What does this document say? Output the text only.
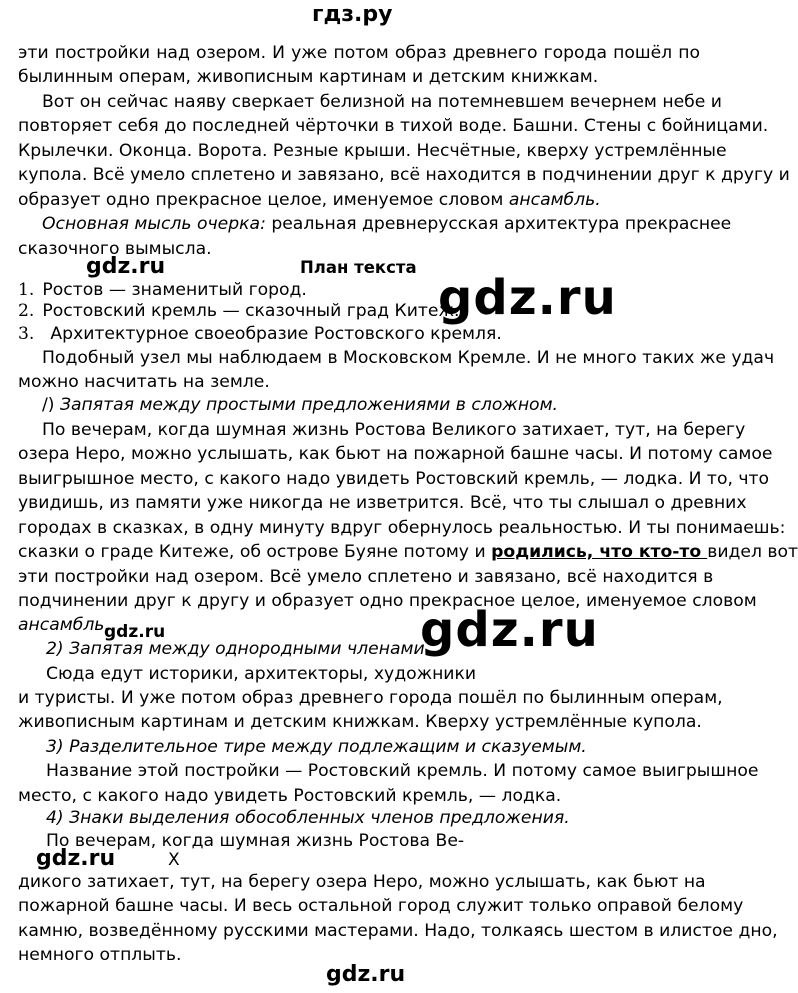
гдз.ру
эти постройки над озером. И уже потом образ древнего города пошёл по
былинным операм, живописным картинам и детским книжкам.
Вот он сейчас наяву сверкает белизной на потемневшем вечернем небе и
повторяет себя до последней чёрточки в тихой воде. Башни. Стены с бойницами.
Крылечки. Оконца. Ворота. Резные крыши. Несчётные, кверху устремлённые
купола. Всё умело сплетено и завязано, всё находится в подчинении друг к другу и
образует одно прекрасное целое, именуемое словом ансамбль.
Основная мысль очерка: реальная древнерусская архитектура прекраснее
сказочного вымысла.
gdz.ru	План текста
gdz.ru
1. Ростов — знаменитый город.
2. Ростовский кремль — сказочный град Китеж.
3. Архитектурное своеобразие Ростовского кремля.
Подобный узел мы наблюдаем в Московском Кремле. И не много таких же удач
можно насчитать на земле.
/) Запятая между простыми предложениями в сложном.
По вечерам, когда шумная жизнь Ростова Великого затихает, тут, на берегу
озера Неро, можно услышать, как бьют на пожарной башне часы. И потому самое
выигрышное место, с какого надо увидеть Ростовский кремль, — лодка. И то, что
увидишь, из памяти уже никогда не изветрится. Всё, что ты слышал о древних
городах в сказках, в одну минуту вдруг обернулось реальностью. И ты понимаешь:
сказки о граде Китеже, об острове Буяне потому и родились, что кто-то видел вот
эти постройки над озером. Всё умело сплетено и завязано, всё находится в
подчинении друг к другу и образует одно прекрасное целое, именуемое словом
ансамбль.
gdz.ru	gdz.ru
2) Запятая между однородными членами.
Сюда едут историки, архитекторы, художники
и туристы. И уже потом образ древнего города пошёл по былинным операм,
живописным картинам и детским книжкам. Кверху устремлённые купола.
3) Разделительное тире между подлежащим и сказуемым.
Название этой постройки — Ростовский кремль. И потому самое выигрышное
место, с какого надо увидеть Ростовский кремль, — лодка.
4) Знаки выделения обособленных членов предложения.
По вечерам, когда шумная жизнь Ростова Ве-
gdz.ru	X
дикого затихает, тут, на берегу озера Неро, можно услышать, как бьют на
пожарной башне часы. И весь остальной город служит только оправой белому
камню, возведённому русскими мастерами. Надо, толкаясь шестом в илистое дно,
немного отплыть.
gdz.ru
